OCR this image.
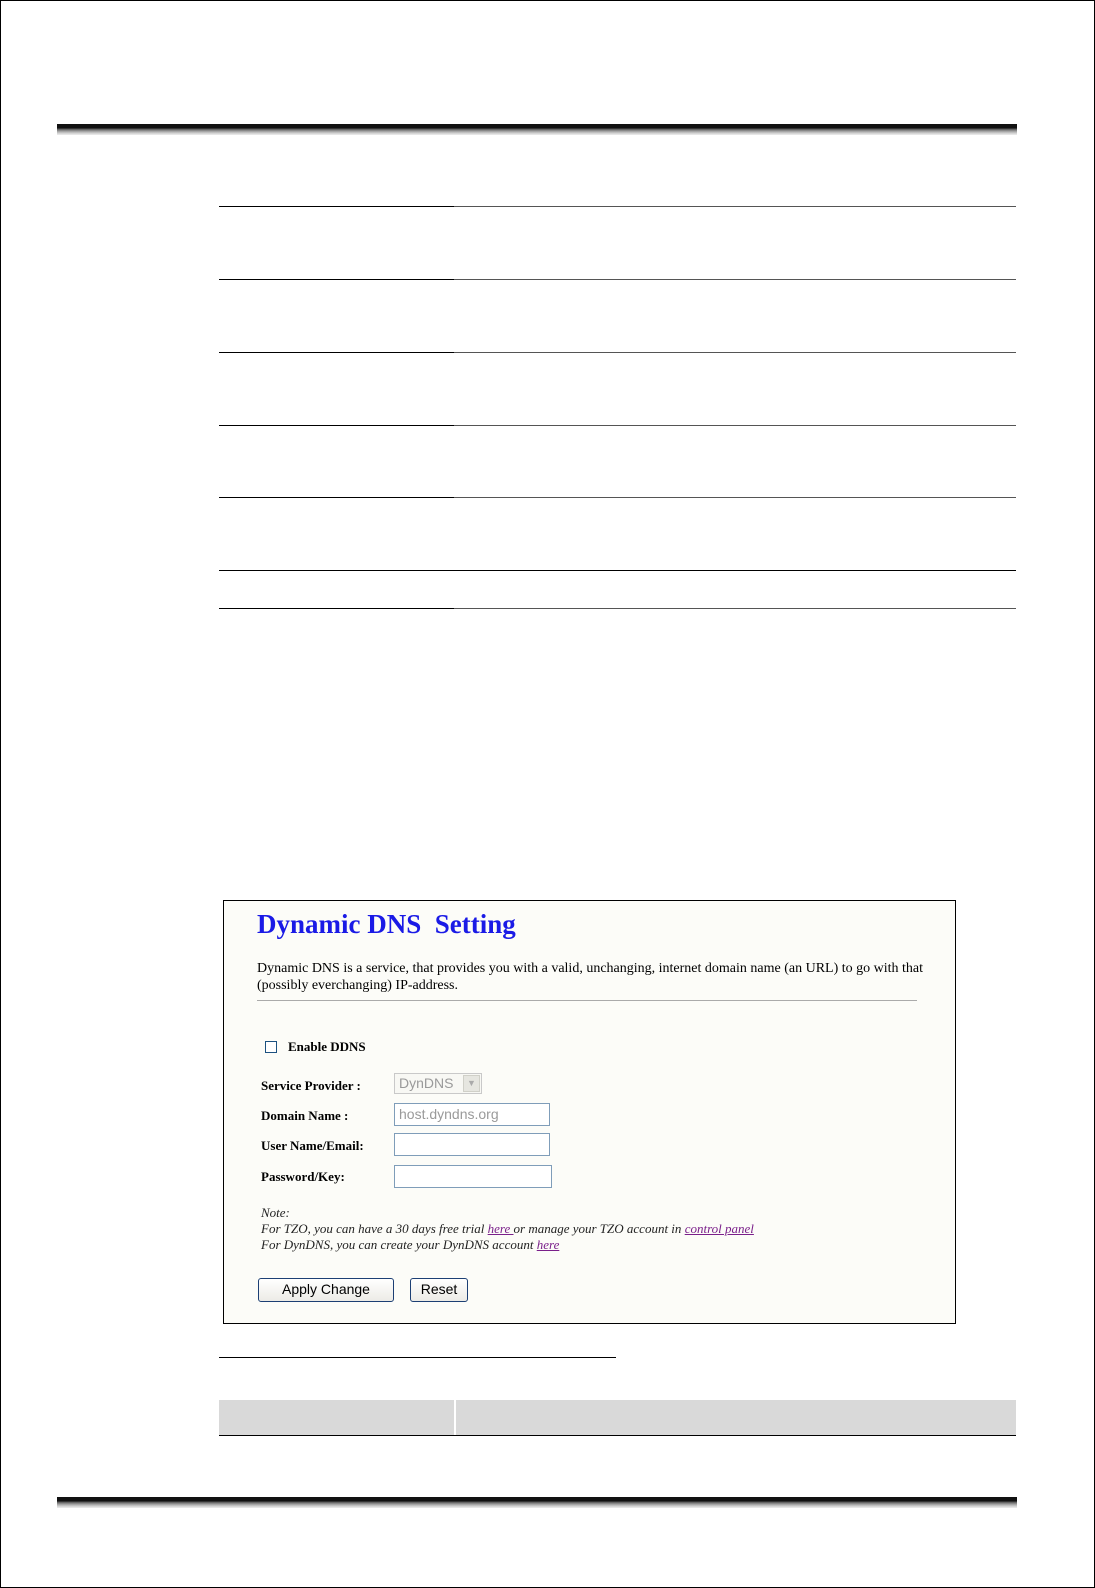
Dynamic DNS  Setting
Dynamic DNS is a service, that provides you with a valid, unchanging, internet domain name (an URL) to go with that (possibly everchanging) IP-address.
Enable DDNS
Service Provider :	DynDNS	▼
Domain Name :	host.dyndns.org
User Name/Email:
Password/Key:
Note:
For TZO, you can have a 30 days free trial here or manage your TZO account in control panel
For DynDNS, you can create your DynDNS account here
Apply Change	Reset
